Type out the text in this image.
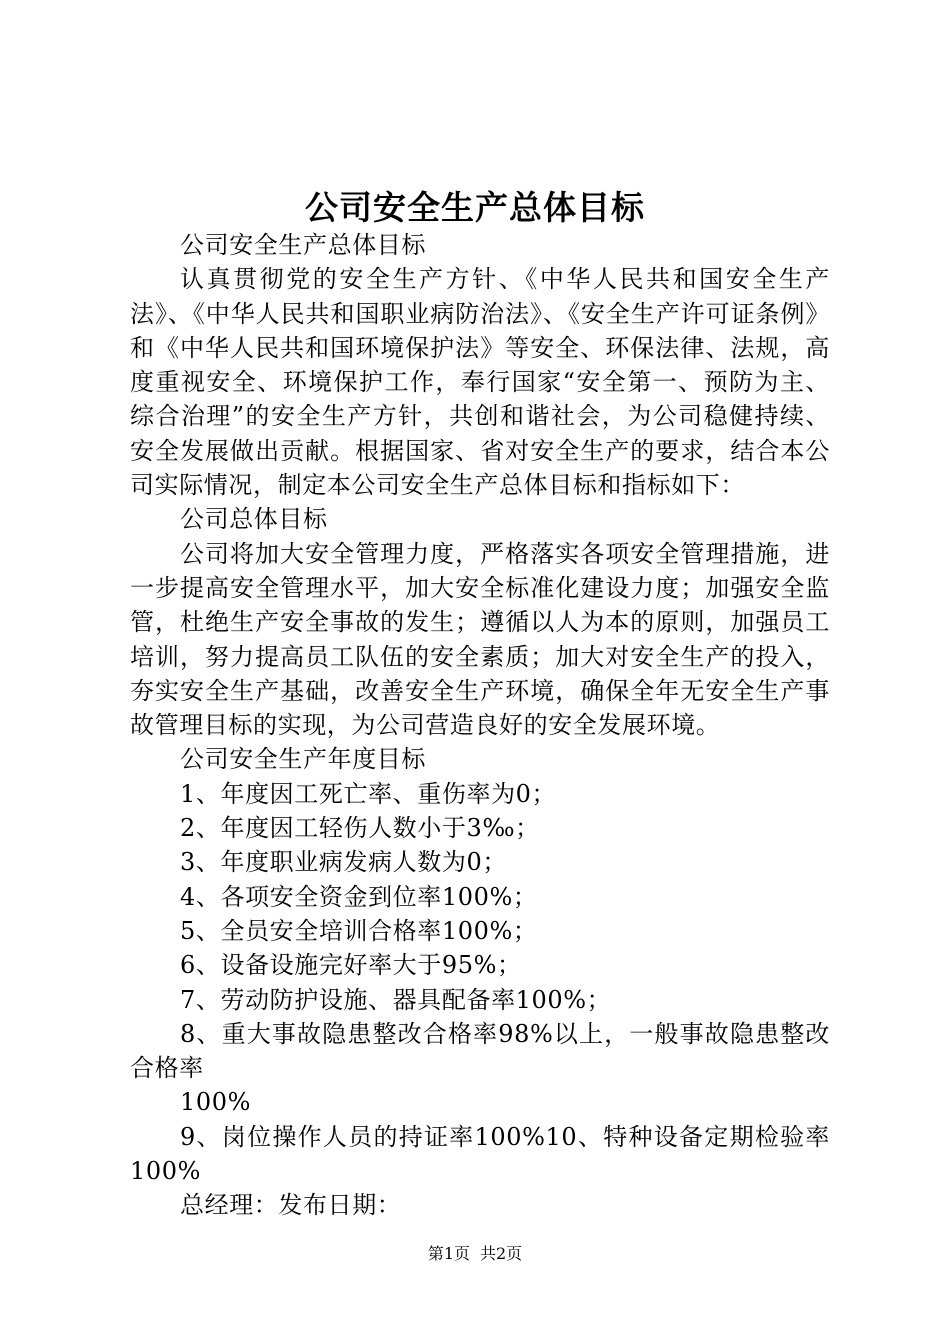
公司安全生产总体目标

公司安全生产总体目标

认真贯彻党的安全生产方针、《中华人民共和国安全生产法》、《中华人民共和国职业病防治法》、《安全生产许可证条例》和《中华人民共和国环境保护法》等安全、环保法律、法规，高度重视安全、环境保护工作，奉行国家“安全第一、预防为主、综合治理”的安全生产方针，共创和谐社会，为公司稳健持续、安全发展做出贡献。根据国家、省对安全生产的要求，结合本公司实际情况，制定本公司安全生产总体目标和指标如下：

公司总体目标

公司将加大安全管理力度，严格落实各项安全管理措施，进一步提高安全管理水平，加大安全标准化建设力度；加强安全监管，杜绝生产安全事故的发生；遵循以人为本的原则，加强员工培训，努力提高员工队伍的安全素质；加大对安全生产的投入，夯实安全生产基础，改善安全生产环境，确保全年无安全生产事故管理目标的实现，为公司营造良好的安全发展环境。

公司安全生产年度目标

1、年度因工死亡率、重伤率为0；

2、年度因工轻伤人数小于3‰；

3、年度职业病发病人数为0；

4、各项安全资金到位率100%；

5、全员安全培训合格率100%；

6、设备设施完好率大于95%；

7、劳动防护设施、器具配备率100%；

8、重大事故隐患整改合格率98%以上，一般事故隐患整改合格率

100%

9、岗位操作人员的持证率100%10、特种设备定期检验率100%

总经理：发布日期：

第1页 共2页
